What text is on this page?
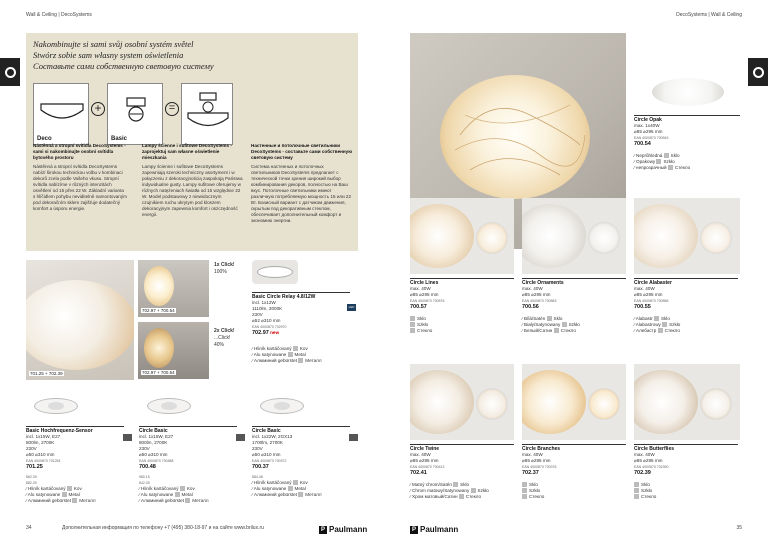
Wall & Ceiling | DecoSystems
Nakombinujte si sami svůj osobní systém světel
Stwórz sobie sam własny system oświetlenia
Составьте сами собственную световую систему
Deco
+
Basic
=
Nástěnná a stropní svítidla DecoSystems - sami si nakombinujte osobní svítidla bytového prostoru
Nástěnná a stropní svítidla DecoSystems nabízí širokou technickou volbu v kombinaci dekorů zcela podle Vašeho vkusu. Stropní svítidla nabízíme v různých intenzitách osvětlení od 15 přes 22 W. Základní varianta s hlíčidlem pohybu neviditelně namontovaným pod dekoračním sklem zajišťuje dodatečný komfort a úsporu energie.
Lampy ścienne i sufitowe DecoSystems - zaprojektuj sam własne oświetlenie mieszkania
Lampy ścienne i sufitowe DecoSystems zapewniają szeroki techniczny asortyment i w połączeniu z dekoracyjnością zaspokoją Państwa indywidualne gusty. Lampy sufitowe oferujemy w różnych natężeniach światła od 15 względnie 22 W. Model podstawowy z niewidocznym czujnikiem ruchu ukrytym pod kloszem dekoracyjnym zapewnia komfort i oszczędność energii.
Настенные и потолочные светильники DecoSystems - составьте сами собственную световую систему
Система настенных и потолочных светильников DecoSystems предлагает с технической точки зрения широкий выбор комбинирования декоров, полностью на Ваш вкус. Потолочные светильники имеют различную потребляемую мощность 15 или 22 Вт. Базисный вариант с датчиком движения, скрытым под декоративным стеклом, обеспечивает дополнительный комфорт и экономию энергии.
701.25 + 702.39
702.97 + 700.54
702.97 + 700.54
1x Click!
100%
2x Click!
...Click!
40%
Basic Circle Relay 4.8/12W
incl. 1x12W
1110lm, 3000K
230V
⌀52 ⌀310 mm
EAN 4000870 702970
702.97 new
⁄ Hliník kartáčovaný Kov
⁄ Alu satynowane Metal
⁄ Алюминий gebürstet Металл
LED
Basic Hochfrequenz-Sensor
incl. 1x15W, E27
800lm, 2700K
230V
⌀50 ⌀310 mm
EAN 4000870 701254
701.25
862.39
882.39
⁄ Hliník kartáčovaný Kov
⁄ Alu satynowane Metal
⁄ Алюминий gebürstet Металл
Circle Basic
incl. 1x15W, E27
800lm, 2700K
230V
⌀50 ⌀310 mm
EAN 4000870 700488
700.48
980.15
842.39
⁄ Hliník kartáčovaný Kov
⁄ Alu satynowane Metal
⁄ Алюминий gebürstet Металл
Circle Basic
incl. 1x22W, 2GX13
1700lm, 2700K
230V
⌀50 ⌀310 mm
EAN 4000870 700372
700.37
884.48
⁄ Hliník kartáčovaný Kov
⁄ Alu satynowane Metal
⁄ Алюминий gebürstet Металл
34	Дополнительная информация по телефону +7 (495) 380-18-97 и на сайте www.brilux.ru	P Paulmann
DecoSystems | Wall & Ceiling
Circle Opak
max. 1x40W
⌀85 ⌀295 mm
EAN 4000870 700549
700.54
⁄ Neprůhledná Sklo
⁄ Opakowy Szkło
⁄ непрозрачный Стекло
Circle Lines
max. 40W
⌀85 ⌀295 mm
EAN 4000870 700576
700.57
Sklo
Szkło
Стекло
Circle Ornaments
max. 40W
⌀85 ⌀295 mm
EAN 4000870 700563
700.56
⁄ Bílá/Satén Sklo
⁄ Biały/Satynowany Szkło
⁄ Белый/Сатин Стекло
Circle Alabaster
max. 40W
⌀85 ⌀295 mm
EAN 4000870 700556
700.55
⁄ Alabastr Sklo
⁄ Alabastrowy Szkło
⁄ Алебастр Стекло
Circle Twine
max. 40W
⌀85 ⌀295 mm
EAN 4000870 700413
702.41
⁄ Matný chrom/Satén Sklo
⁄ Chrom matowy/Satynowany Szkło
⁄ Хром матовый/Сатин Стекло
Circle Branches
max. 40W
⌀85 ⌀295 mm
EAN 4000870 700376
702.37
Sklo
Szkło
Стекло
Circle Butterflies
max. 40W
⌀85 ⌀295 mm
EAN 4000870 702390
702.39
Sklo
Szkło
Стекло
P Paulmann	35
